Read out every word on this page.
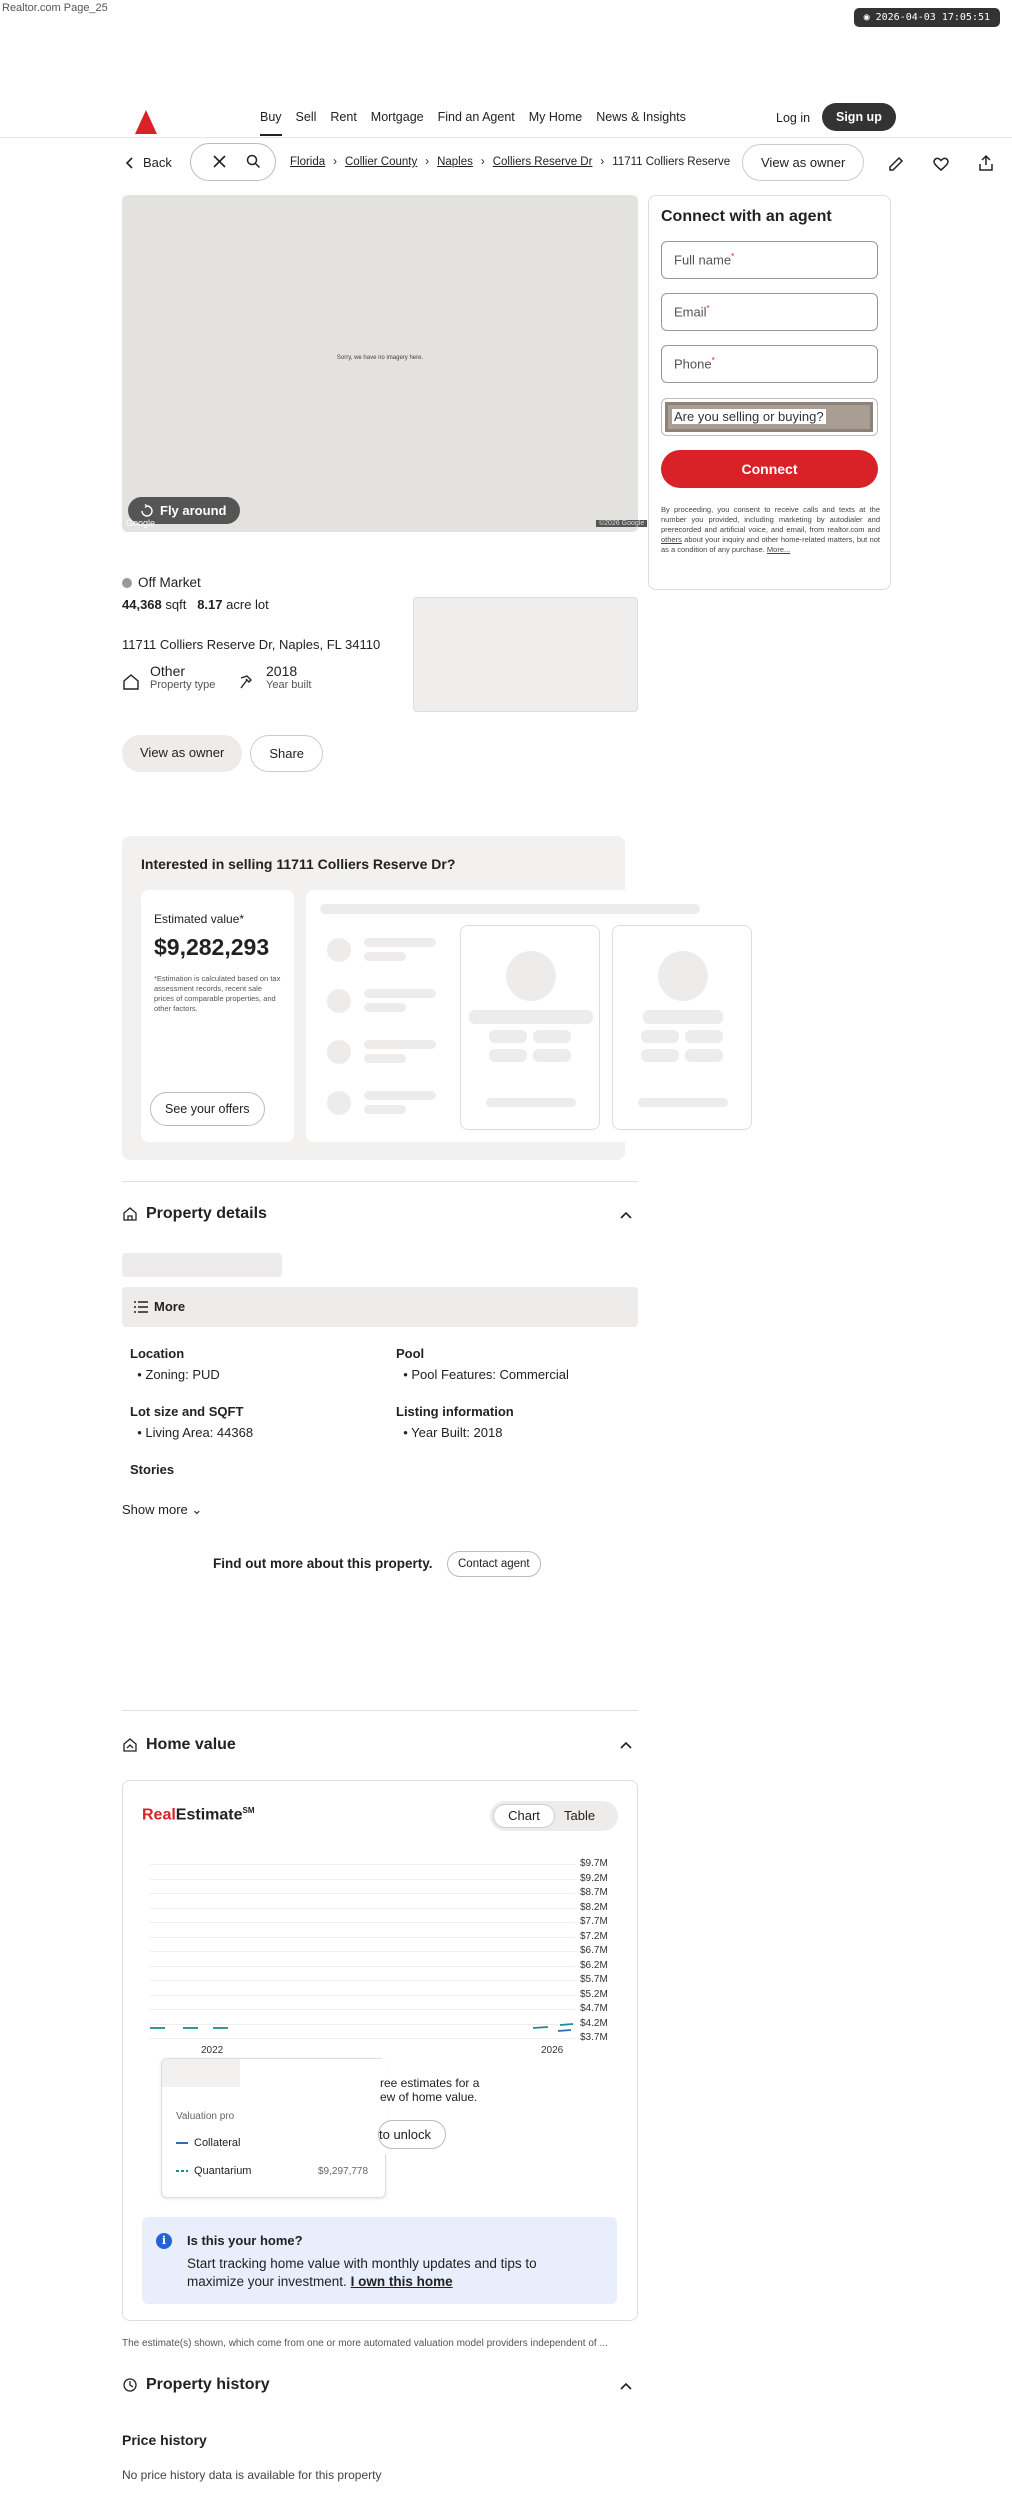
Realtor.com Page_25
◉ 2026-04-03 17:05:51
Buy Sell Rent Mortgage Find an Agent My Home News & Insights	Log in	Sign up
Back	Florida › Collier County › Naples › Colliers Reserve Dr › 11711 Colliers Reserve	View as owner
Sorry, we have no imagery here.
Fly around
Google	©2026 Google
Connect with an agent
Full name*
Email*
Phone*
Are you selling or buying?
Connect
By proceeding, you consent to receive calls and texts at the number you provided, including marketing by autodialer and prerecorded and artificial voice, and email, from realtor.com and others about your inquiry and other home-related matters, but not as a condition of any purchase. More...
Off Market
44,368 sqft 8.17 acre lot
11711 Colliers Reserve Dr, Naples, FL 34110
Other
Property type
2018
Year built
View as owner	Share
Interested in selling 11711 Colliers Reserve Dr?
Estimated value*
$9,282,293
*Estimation is calculated based on tax assessment records, recent sale prices of comparable properties, and other factors.
See your offers
Property details
More
Location
• Zoning: PUD
Pool
• Pool Features: Commercial
Lot size and SQFT
• Living Area: 44368
Listing information
• Year Built: 2018
Stories
Show more ⌄
Find out more about this property.	Contact agent
Home value
RealEstimate℠	Chart	Table
$9.7M
$9.2M
$8.7M
$8.2M
$7.7M
$7.2M
$6.7M
$6.2M
$5.7M
$5.2M
$4.7M
$4.2M
$3.7M
2022	2026
Valuation pro
Collateral
Quantarium	$9,297,778
ree estimates for a
ew of home value.
to unlock
i	Is this your home?
Start tracking home value with monthly updates and tips to maximize your investment. I own this home
The estimate(s) shown, which come from one or more automated valuation model providers independent of ...
Property history
Price history
No price history data is available for this property
